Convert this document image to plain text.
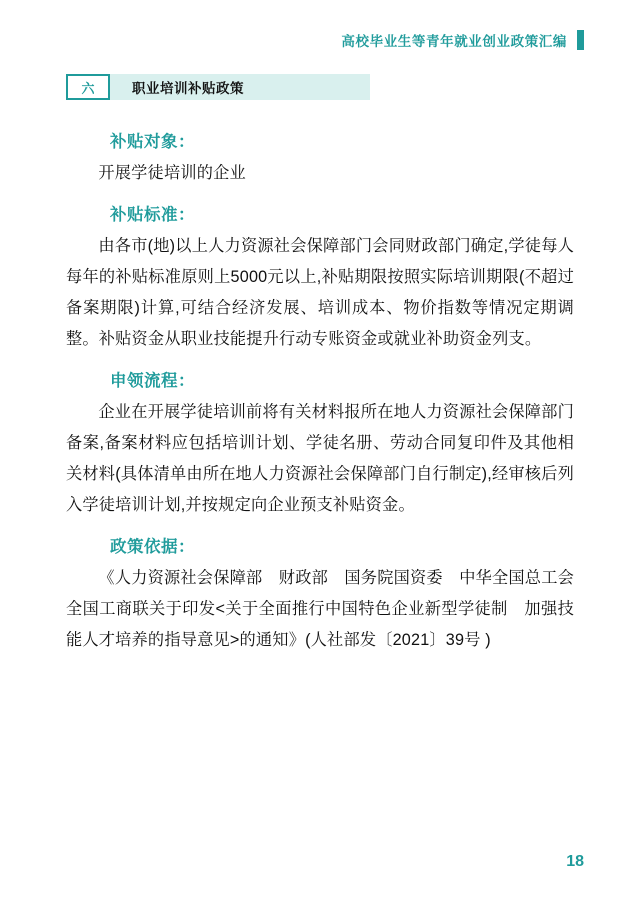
高校毕业生等青年就业创业政策汇编
六	职业培训补贴政策
补贴对象：

开展学徒培训的企业

补贴标准：

由各市(地)以上人力资源社会保障部门会同财政部门确定,学徒每人每年的补贴标准原则上5000元以上,补贴期限按照实际培训期限(不超过备案期限)计算,可结合经济发展、培训成本、物价指数等情况定期调整。补贴资金从职业技能提升行动专账资金或就业补助资金列支。

申领流程：

企业在开展学徒培训前将有关材料报所在地人力资源社会保障部门备案,备案材料应包括培训计划、学徒名册、劳动合同复印件及其他相关材料(具体清单由所在地人力资源社会保障部门自行制定),经审核后列入学徒培训计划,并按规定向企业预支补贴资金。

政策依据：

《人力资源社会保障部　财政部　国务院国资委　中华全国总工会　全国工商联关于印发<关于全面推行中国特色企业新型学徒制　加强技能人才培养的指导意见>的通知》(人社部发〔2021〕39号 )

18
